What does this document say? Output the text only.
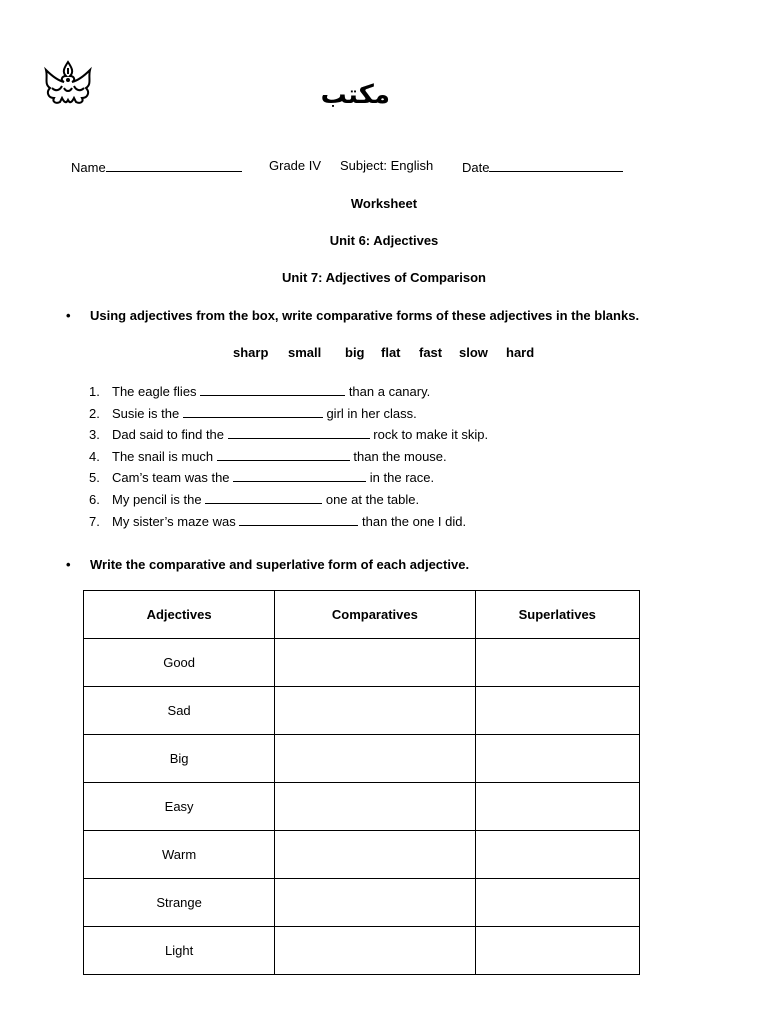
مکتب
Name	Grade IV Subject: English Date
Worksheet
Unit 6: Adjectives
Unit 7: Adjectives of Comparison
• Using adjectives from the box, write comparative forms of these adjectives in the blanks.
sharp small big flat fast slow hard
1. The eagle flies	than a canary.
2. Susie is the	girl in her class.
3. Dad said to find the	rock to make it skip.
4. The snail is much	than the mouse.
5. Cam’s team was the	in the race.
6. My pencil is the	one at the table.
7. My sister’s maze was	than the one I did.
• Write the comparative and superlative form of each adjective.
Adjectives	Comparatives	Superlatives
Good		
Sad		
Big		
Easy		
Warm		
Strange		
Light		
